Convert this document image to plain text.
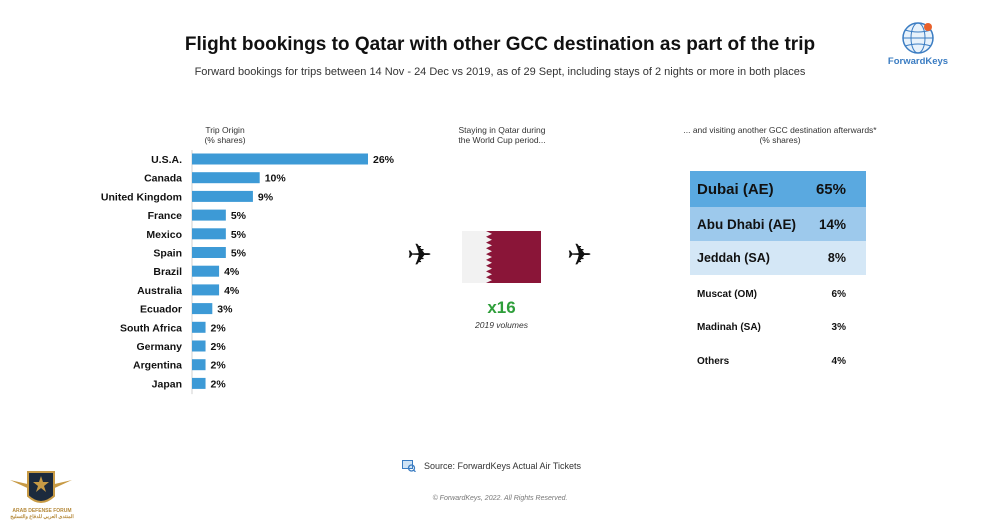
Flight bookings to Qatar with other GCC destination as part of the trip
Forward bookings for trips between 14 Nov - 24 Dec vs 2019, as of 29 Sept, including stays of 2 nights or more in both places
ForwardKeys
Trip Origin
(% shares)
Staying in Qatar during
the World Cup period...
... and visiting another GCC destination afterwards*
(% shares)
U.S.A.	26%
Canada	10%
United Kingdom	9%
France	5%
Mexico	5%
Spain	5%
Brazil	4%
Australia	4%
Ecuador	3%
South Africa	2%
Germany	2%
Argentina	2%
Japan	2%
✈	✈
x16
2019 volumes
Dubai (AE)	65%
Abu Dhabi (AE) 14%
Jeddah (SA)	8%
Muscat (OM)	6%
Madinah (SA)	3%
Others	4%
Source: ForwardKeys Actual Air Tickets
© ForwardKeys, 2022. All Rights Reserved.
ARAB DEFENSE FORUM
المنتدى العربي للدفاع والتسليح
